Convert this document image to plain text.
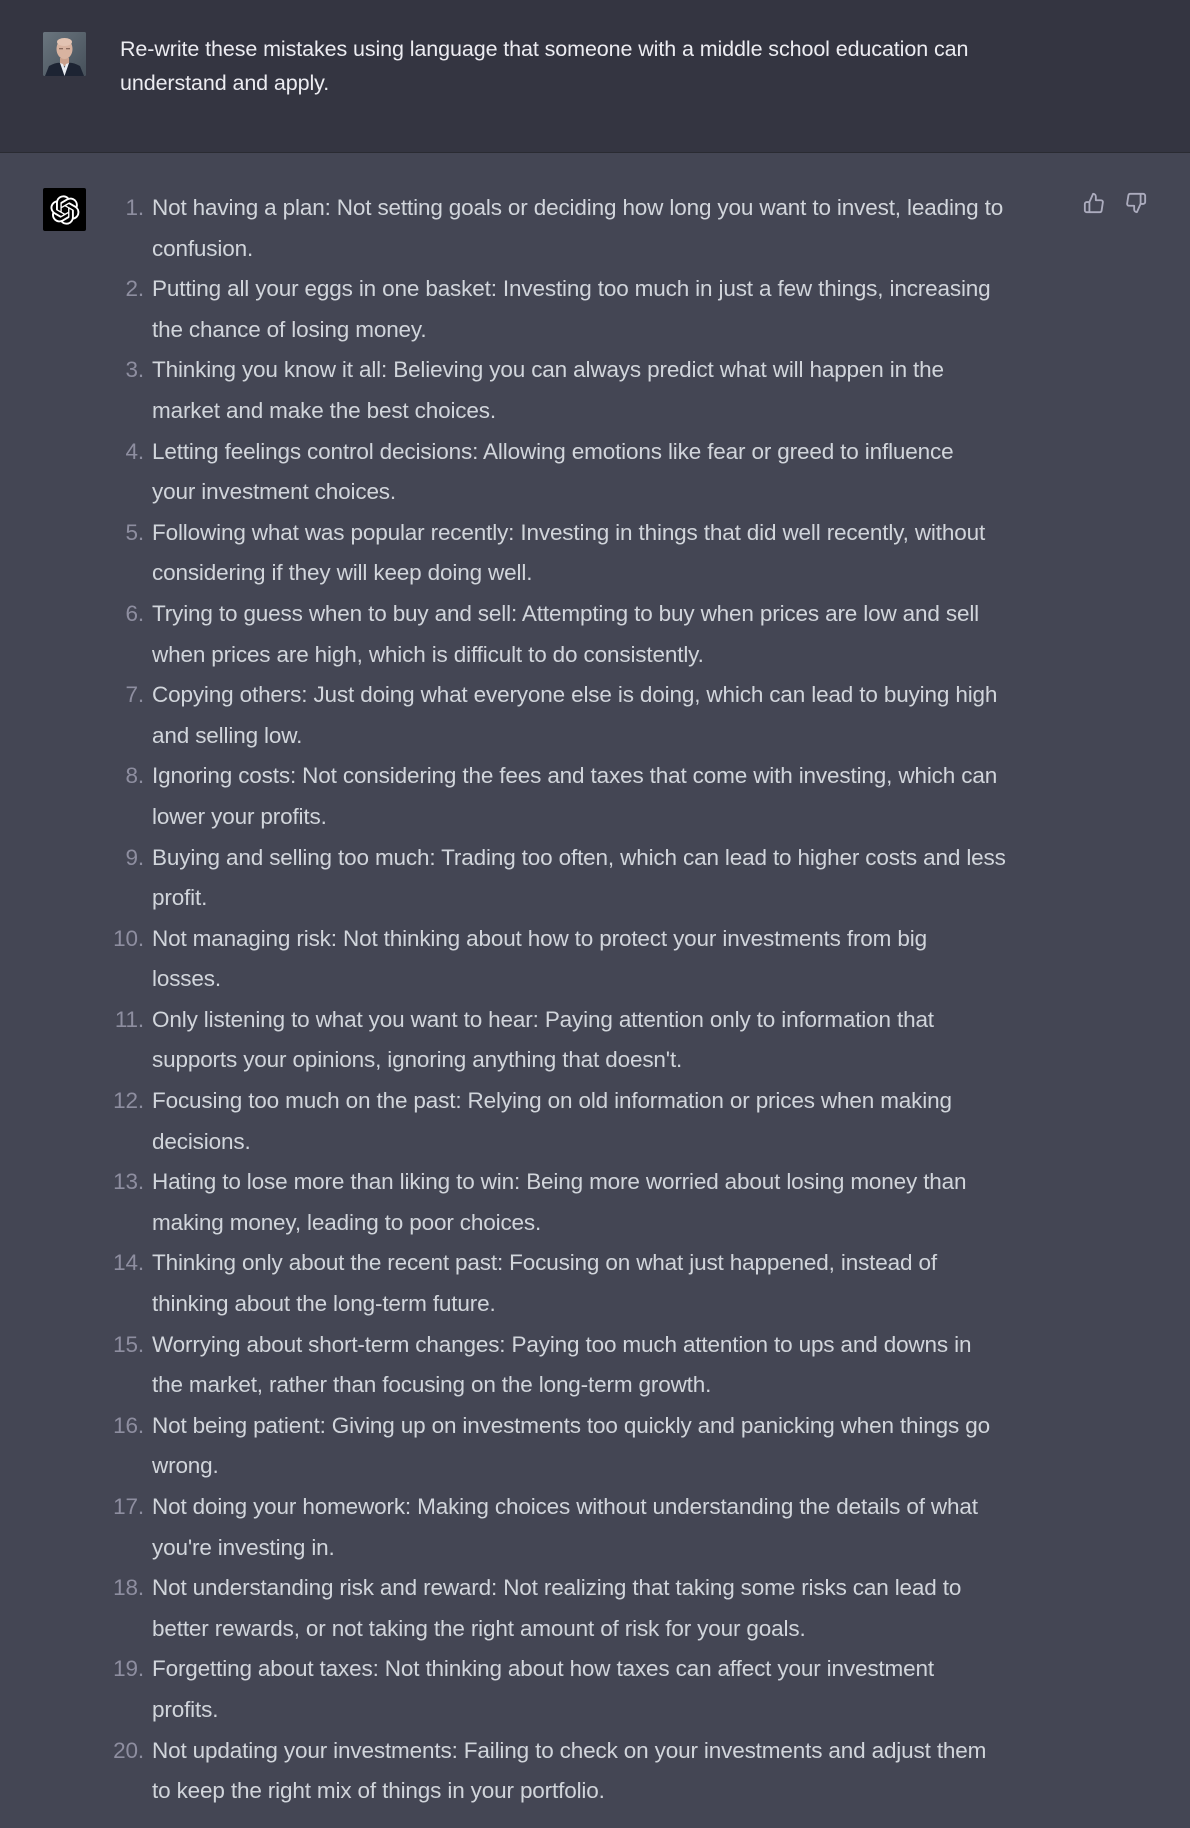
Re-write these mistakes using language that someone with a middle school education can
understand and apply.
1. Not having a plan: Not setting goals or deciding how long you want to invest, leading to
confusion.
2. Putting all your eggs in one basket: Investing too much in just a few things, increasing
the chance of losing money.
3. Thinking you know it all: Believing you can always predict what will happen in the
market and make the best choices.
4. Letting feelings control decisions: Allowing emotions like fear or greed to influence
your investment choices.
5. Following what was popular recently: Investing in things that did well recently, without
considering if they will keep doing well.
6. Trying to guess when to buy and sell: Attempting to buy when prices are low and sell
when prices are high, which is difficult to do consistently.
7. Copying others: Just doing what everyone else is doing, which can lead to buying high
and selling low.
8. Ignoring costs: Not considering the fees and taxes that come with investing, which can
lower your profits.
9. Buying and selling too much: Trading too often, which can lead to higher costs and less
profit.
10. Not managing risk: Not thinking about how to protect your investments from big
losses.
11. Only listening to what you want to hear: Paying attention only to information that
supports your opinions, ignoring anything that doesn't.
12. Focusing too much on the past: Relying on old information or prices when making
decisions.
13. Hating to lose more than liking to win: Being more worried about losing money than
making money, leading to poor choices.
14. Thinking only about the recent past: Focusing on what just happened, instead of
thinking about the long-term future.
15. Worrying about short-term changes: Paying too much attention to ups and downs in
the market, rather than focusing on the long-term growth.
16. Not being patient: Giving up on investments too quickly and panicking when things go
wrong.
17. Not doing your homework: Making choices without understanding the details of what
you're investing in.
18. Not understanding risk and reward: Not realizing that taking some risks can lead to
better rewards, or not taking the right amount of risk for your goals.
19. Forgetting about taxes: Not thinking about how taxes can affect your investment
profits.
20. Not updating your investments: Failing to check on your investments and adjust them
to keep the right mix of things in your portfolio.
